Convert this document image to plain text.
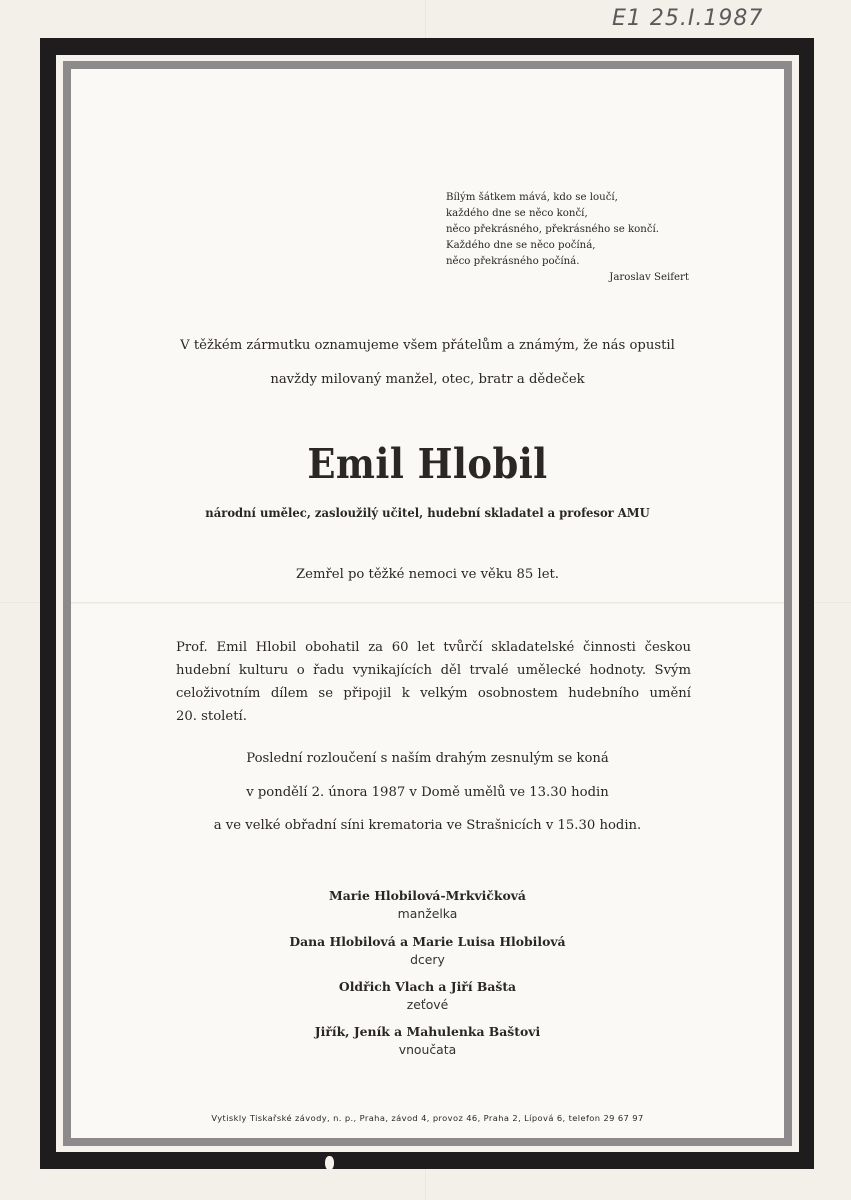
E1 25.I.1987
Bílým šátkem mává, kdo se loučí,
každého dne se něco končí,
něco překrásného, překrásného se končí.
Každého dne se něco počíná,
něco překrásného počíná.
Jaroslav Seifert
V těžkém zármutku oznamujeme všem přátelům a známým, že nás opustil
navždy milovaný manžel, otec, bratr a dědeček
Emil Hlobil
národní umělec, zasloužilý učitel, hudební skladatel a profesor AMU
Zemřel po těžké nemoci ve věku 85 let.
Prof. Emil Hlobil obohatil za 60 let tvůrčí skladatelské činnosti českou
hudební kulturu o řadu vynikajících děl trvalé umělecké hodnoty. Svým
celoživotním dílem se připojil k velkým osobnostem hudebního umění
20. století.
Poslední rozloučení s naším drahým zesnulým se koná
v pondělí 2. února 1987 v Domě umělů ve 13.30 hodin
a ve velké obřadní síni krematoria ve Strašnicích v 15.30 hodin.
Marie Hlobilová-Mrkvičková
manželka
Dana Hlobilová a Marie Luisa Hlobilová
dcery
Oldřich Vlach a Jiří Bašta
zeťové
Jiřík, Jeník a Mahulenka Baštovi
vnoučata
Vytiskly Tiskařské závody, n. p., Praha, závod 4, provoz 46, Praha 2, Lípová 6, telefon 29 67 97
